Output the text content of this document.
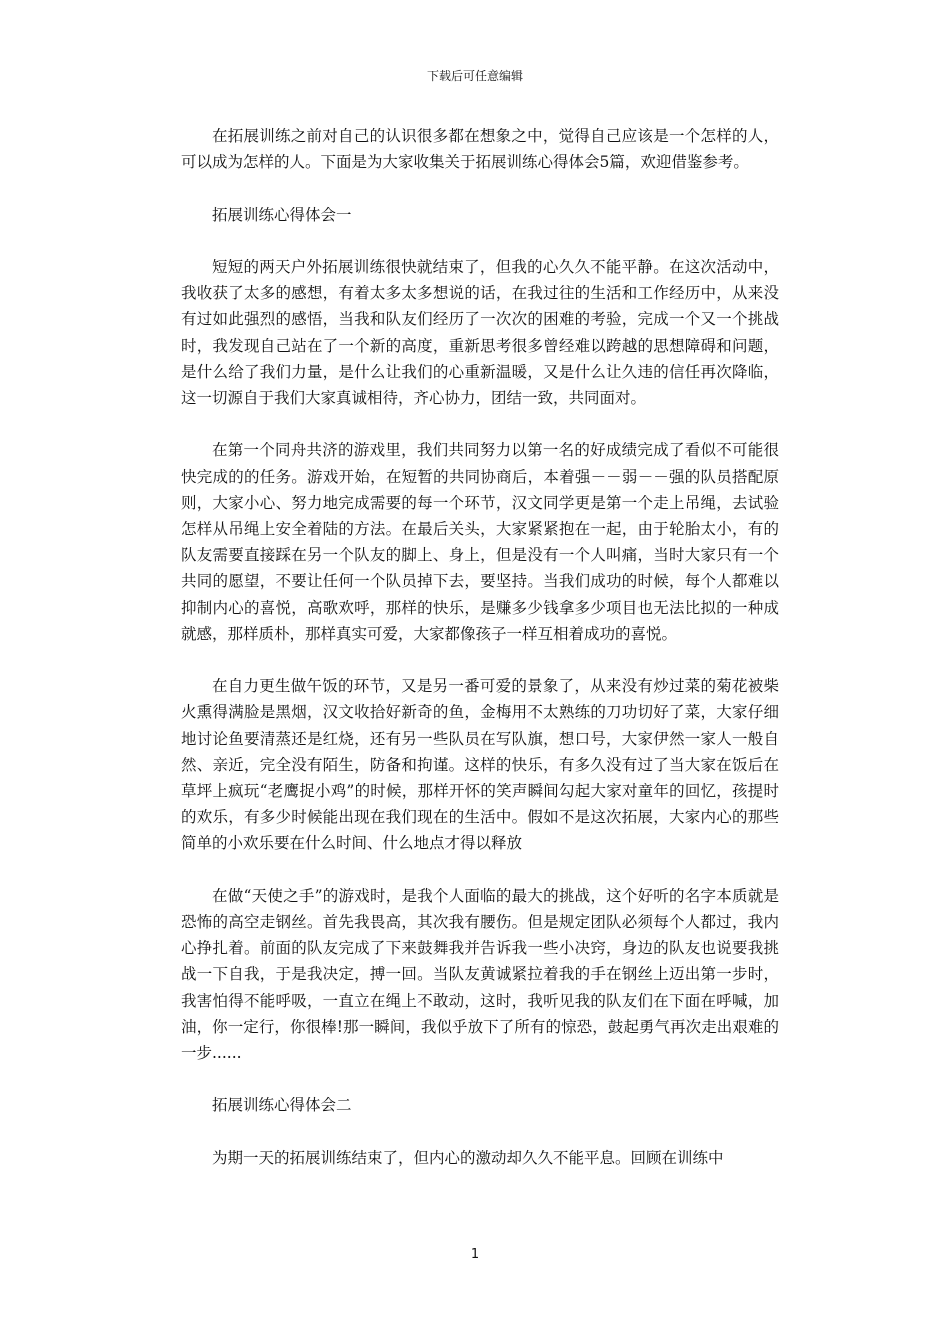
下载后可任意编辑

在拓展训练之前对自己的认识很多都在想象之中，觉得自己应该是一个怎样的人，可以成为怎样的人。下面是为大家收集关于拓展训练心得体会5篇，欢迎借鉴参考。

拓展训练心得体会一

短短的两天户外拓展训练很快就结束了，但我的心久久不能平静。在这次活动中，我收获了太多的感想，有着太多太多想说的话，在我过往的生活和工作经历中，从来没有过如此强烈的感悟，当我和队友们经历了一次次的困难的考验，完成一个又一个挑战时，我发现自己站在了一个新的高度，重新思考很多曾经难以跨越的思想障碍和问题，是什么给了我们力量，是什么让我们的心重新温暖，又是什么让久违的信任再次降临，这一切源自于我们大家真诚相待，齐心协力，团结一致，共同面对。

在第一个同舟共济的游戏里，我们共同努力以第一名的好成绩完成了看似不可能很快完成的的任务。游戏开始，在短暂的共同协商后，本着强－－弱－－强的队员搭配原则，大家小心、努力地完成需要的每一个环节，汉文同学更是第一个走上吊绳，去试验怎样从吊绳上安全着陆的方法。在最后关头，大家紧紧抱在一起，由于轮胎太小，有的队友需要直接踩在另一个队友的脚上、身上，但是没有一个人叫痛，当时大家只有一个共同的愿望，不要让任何一个队员掉下去，要坚持。当我们成功的时候，每个人都难以抑制内心的喜悦，高歌欢呼，那样的快乐，是赚多少钱拿多少项目也无法比拟的一种成就感，那样质朴，那样真实可爱，大家都像孩子一样互相着成功的喜悦。

在自力更生做午饭的环节，又是另一番可爱的景象了，从来没有炒过菜的菊花被柴火熏得满脸是黑烟，汉文收拾好新奇的鱼，金梅用不太熟练的刀功切好了菜，大家仔细地讨论鱼要清蒸还是红烧，还有另一些队员在写队旗，想口号，大家伊然一家人一般自然、亲近，完全没有陌生，防备和拘谨。这样的快乐，有多久没有过了当大家在饭后在草坪上疯玩“老鹰捉小鸡”的时候，那样开怀的笑声瞬间勾起大家对童年的回忆，孩提时的欢乐，有多少时候能出现在我们现在的生活中。假如不是这次拓展，大家内心的那些简单的小欢乐要在什么时间、什么地点才得以释放

在做“天使之手”的游戏时，是我个人面临的最大的挑战，这个好听的名字本质就是恐怖的高空走钢丝。首先我畏高，其次我有腰伤。但是规定团队必须每个人都过，我内心挣扎着。前面的队友完成了下来鼓舞我并告诉我一些小决窍，身边的队友也说要我挑战一下自我，于是我决定，搏一回。当队友黄诚紧拉着我的手在钢丝上迈出第一步时，我害怕得不能呼吸，一直立在绳上不敢动，这时，我听见我的队友们在下面在呼喊，加油，你一定行，你很棒!那一瞬间，我似乎放下了所有的惊恐，鼓起勇气再次走出艰难的一步......

拓展训练心得体会二

为期一天的拓展训练结束了，但内心的激动却久久不能平息。回顾在训练中

1
